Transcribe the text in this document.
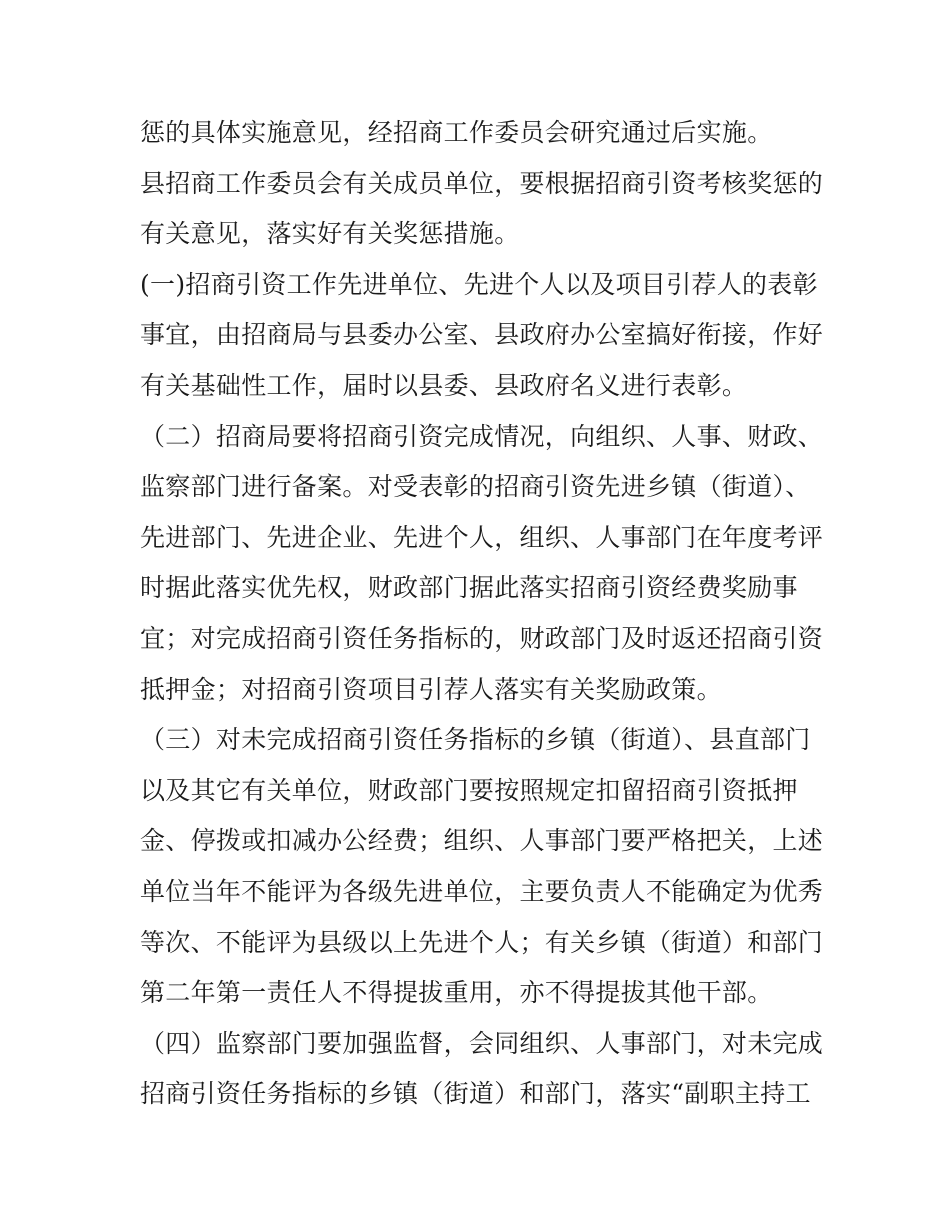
惩的具体实施意见，经招商工作委员会研究通过后实施。
县招商工作委员会有关成员单位，要根据招商引资考核奖惩的
有关意见，落实好有关奖惩措施。
(一)招商引资工作先进单位、先进个人以及项目引荐人的表彰
事宜，由招商局与县委办公室、县政府办公室搞好衔接，作好
有关基础性工作，届时以县委、县政府名义进行表彰。
（二）招商局要将招商引资完成情况，向组织、人事、财政、
监察部门进行备案。对受表彰的招商引资先进乡镇（街道）、
先进部门、先进企业、先进个人，组织、人事部门在年度考评
时据此落实优先权，财政部门据此落实招商引资经费奖励事
宜；对完成招商引资任务指标的，财政部门及时返还招商引资
抵押金；对招商引资项目引荐人落实有关奖励政策。
（三）对未完成招商引资任务指标的乡镇（街道）、县直部门
以及其它有关单位，财政部门要按照规定扣留招商引资抵押
金、停拨或扣减办公经费；组织、人事部门要严格把关，上述
单位当年不能评为各级先进单位，主要负责人不能确定为优秀
等次、不能评为县级以上先进个人；有关乡镇（街道）和部门
第二年第一责任人不得提拔重用，亦不得提拔其他干部。
（四）监察部门要加强监督，会同组织、人事部门，对未完成
招商引资任务指标的乡镇（街道）和部门，落实“副职主持工
